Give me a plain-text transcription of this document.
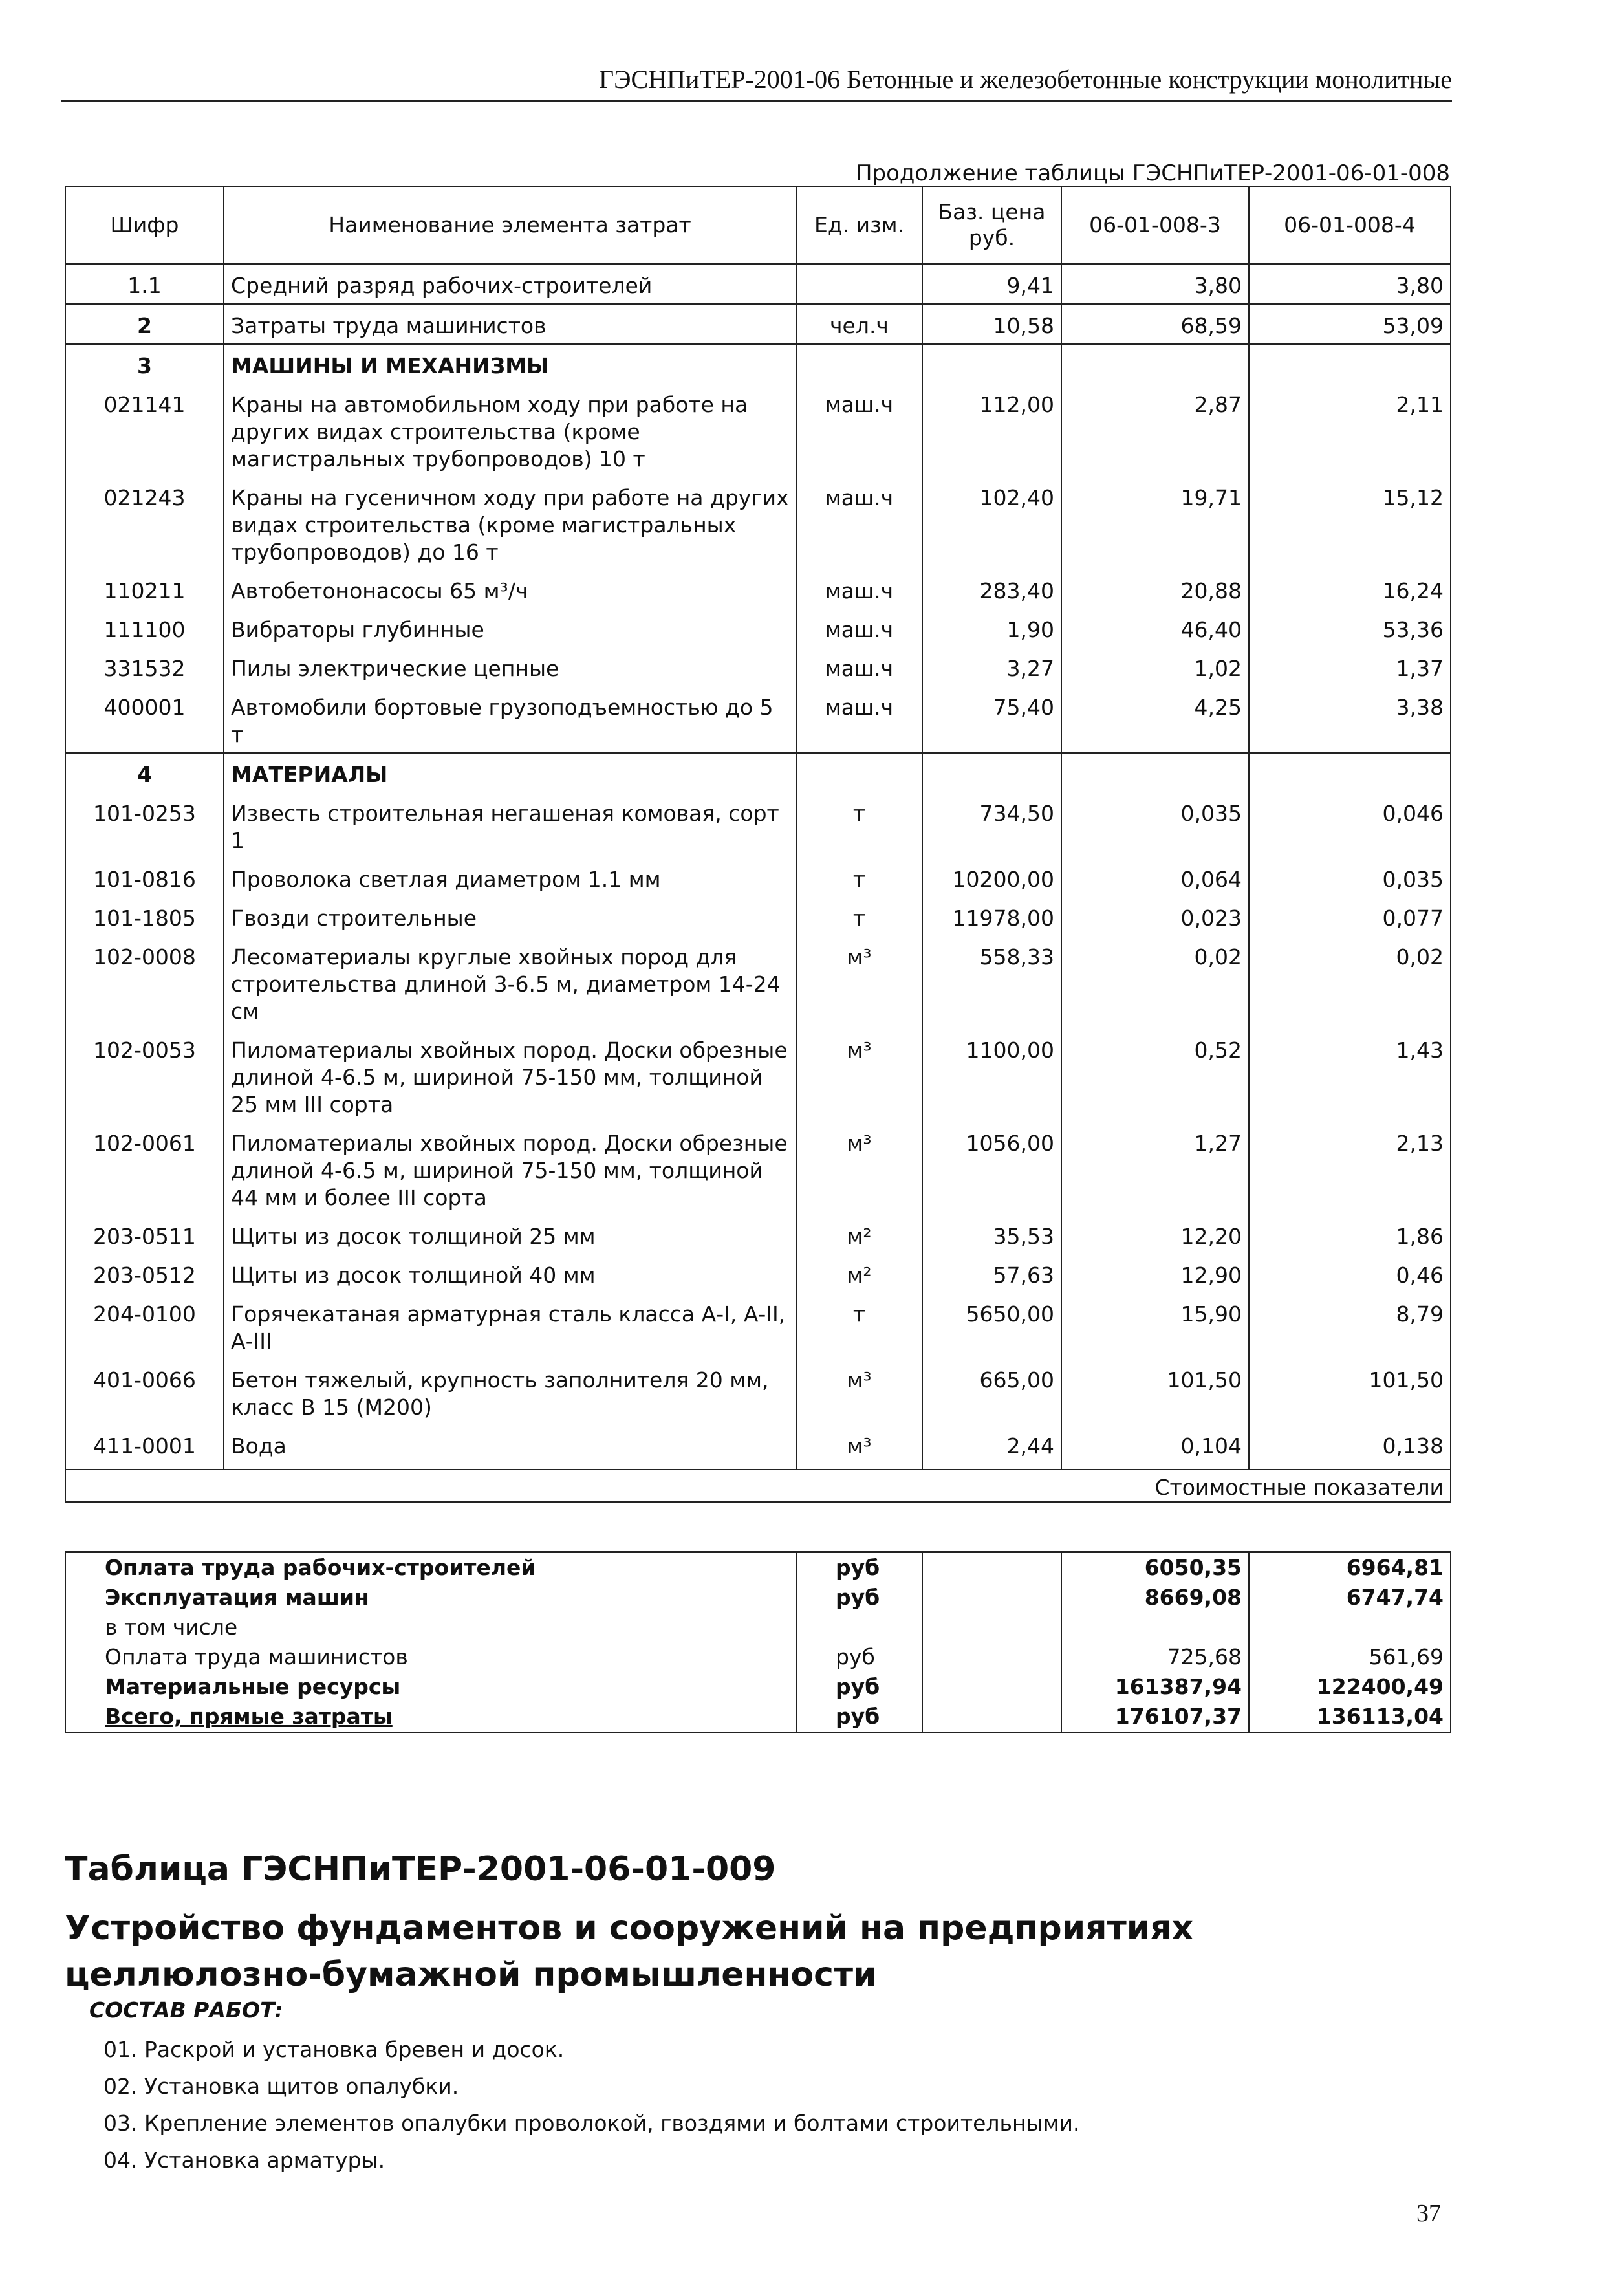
ГЭСНПиТЕР-2001-06 Бетонные и железобетонные конструкции монолитные
Продолжение таблицы ГЭСНПиТЕР-2001-06-01-008
Шифр	Наименование элемента затрат	Ед. изм.	Баз. цена руб.	06-01-008-3	06-01-008-4
1.1	Средний разряд рабочих-строителей		9,41	3,80	3,80
2	Затраты труда машинистов	чел.ч	10,58	68,59	53,09
3	МАШИНЫ И МЕХАНИЗМЫ				
021141	Краны на автомобильном ходу при работе на других видах строительства (кроме магистральных трубопроводов) 10 т	маш.ч	112,00	2,87	2,11
021243	Краны на гусеничном ходу при работе на других видах строительства (кроме магистральных трубопроводов) до 16 т	маш.ч	102,40	19,71	15,12
110211	Автобетононасосы 65 м³/ч	маш.ч	283,40	20,88	16,24
111100	Вибраторы глубинные	маш.ч	1,90	46,40	53,36
331532	Пилы электрические цепные	маш.ч	3,27	1,02	1,37
400001	Автомобили бортовые грузоподъемностью до 5 т	маш.ч	75,40	4,25	3,38
4	МАТЕРИАЛЫ				
101-0253	Известь строительная негашеная комовая, сорт 1	т	734,50	0,035	0,046
101-0816	Проволока светлая диаметром 1.1 мм	т	10200,00	0,064	0,035
101-1805	Гвозди строительные	т	11978,00	0,023	0,077
102-0008	Лесоматериалы круглые хвойных пород для строительства длиной 3-6.5 м, диаметром 14-24 см	м³	558,33	0,02	0,02
102-0053	Пиломатериалы хвойных пород. Доски обрезные длиной 4-6.5 м, шириной 75-150 мм, толщиной 25 мм III сорта	м³	1100,00	0,52	1,43
102-0061	Пиломатериалы хвойных пород. Доски обрезные длиной 4-6.5 м, шириной 75-150 мм, толщиной 44 мм и более III сорта	м³	1056,00	1,27	2,13
203-0511	Щиты из досок толщиной 25 мм	м²	35,53	12,20	1,86
203-0512	Щиты из досок толщиной 40 мм	м²	57,63	12,90	0,46
204-0100	Горячекатаная арматурная сталь класса А-I, А-II, А-III	т	5650,00	15,90	8,79
401-0066	Бетон тяжелый, крупность заполнителя 20 мм, класс В 15 (М200)	м³	665,00	101,50	101,50
411-0001	Вода	м³	2,44	0,104	0,138

Стоимостные показатели					
Оплата труда рабочих-строителей	руб		6050,35	6964,81
Эксплуатация машин	руб		8669,08	6747,74
в том числе				
Оплата труда машинистов	руб		725,68	561,69
Материальные ресурсы	руб		161387,94	122400,49
Всего, прямые затраты	руб		176107,37	136113,04
Таблица ГЭСНПиТЕР-2001-06-01-009
Устройство фундаментов и сооружений на предприятиях целлюлозно-бумажной промышленности
СОСТАВ РАБОТ:
01. Раскрой и установка бревен и досок.
02. Установка щитов опалубки.
03. Крепление элементов опалубки проволокой, гвоздями и болтами строительными.
04. Установка арматуры.
37
